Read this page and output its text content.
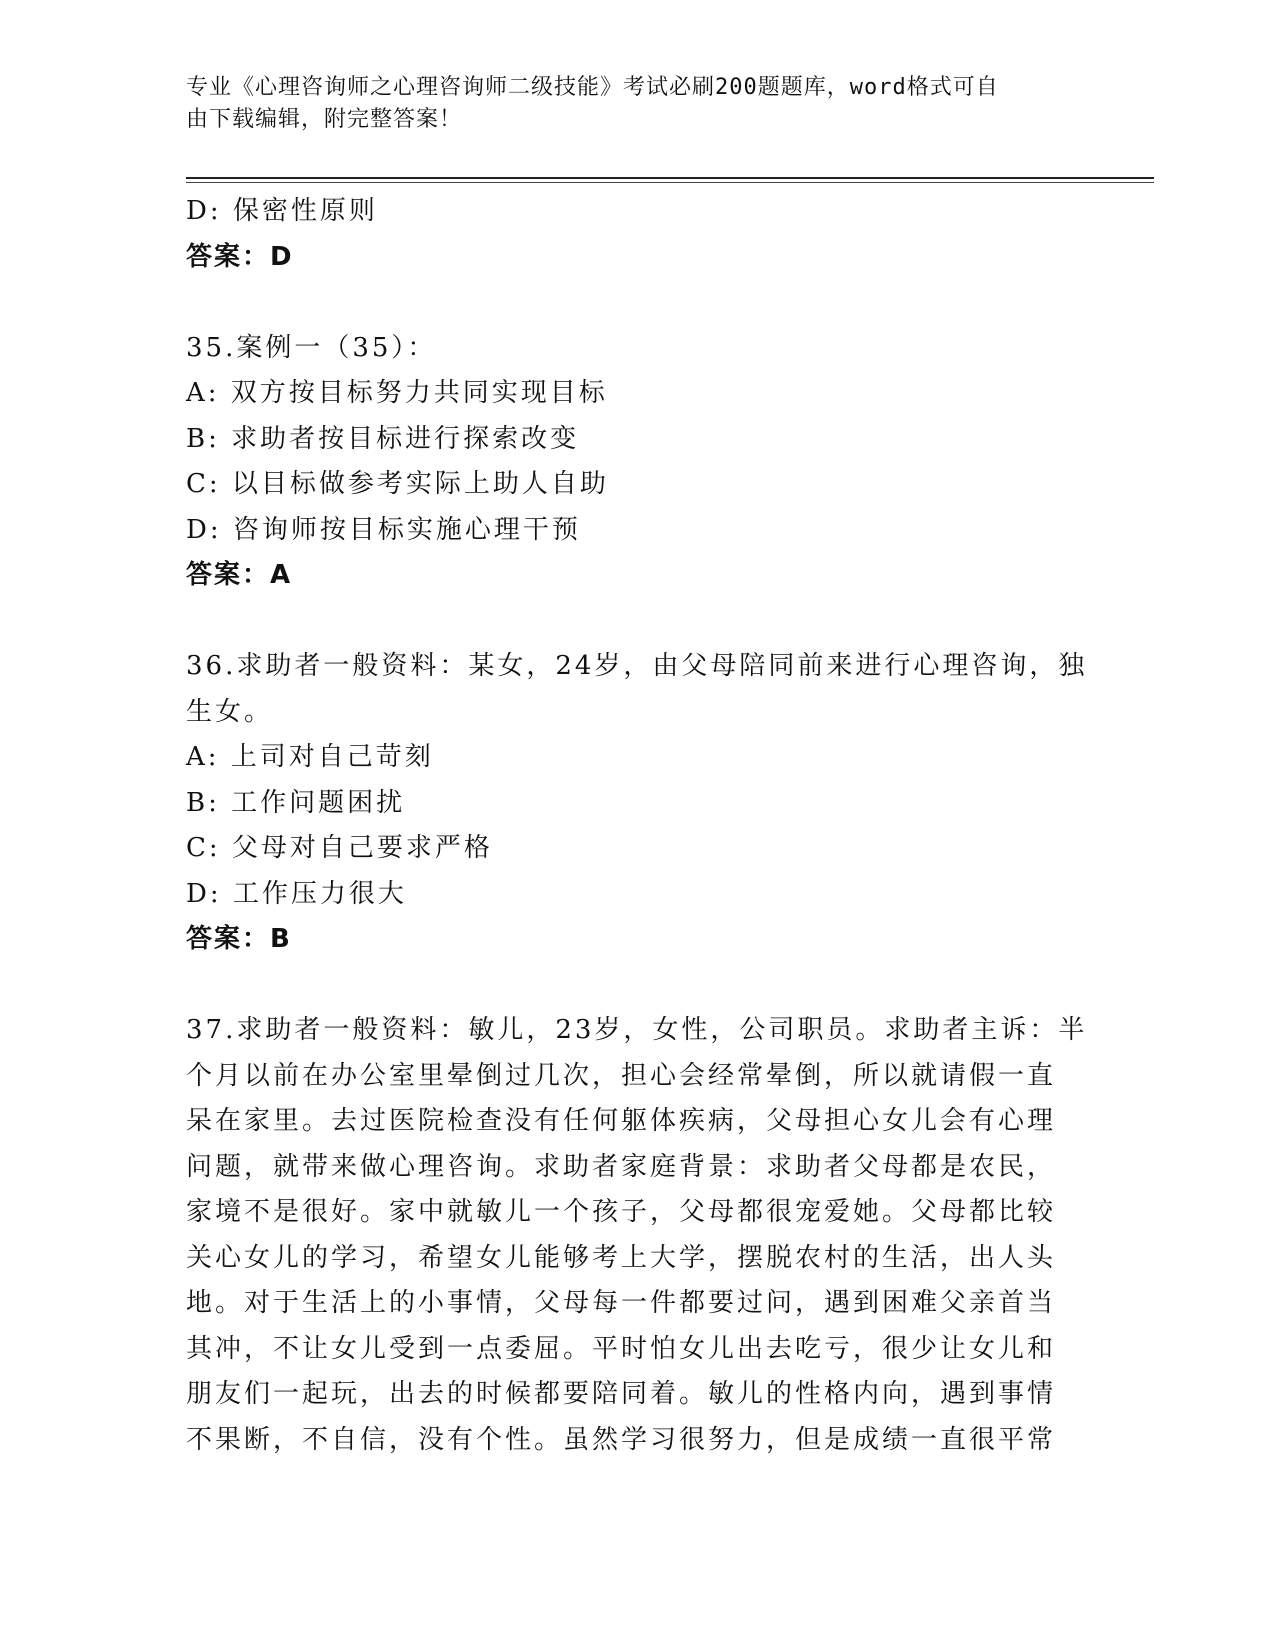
专业《心理咨询师之心理咨询师二级技能》考试必刷200题题库，word格式可自
由下载编辑，附完整答案！
D: 保密性原则
答案：D
35.案例一（35）：
A: 双方按目标努力共同实现目标
B: 求助者按目标进行探索改变
C: 以目标做参考实际上助人自助
D: 咨询师按目标实施心理干预
答案：A
36.求助者一般资料：某女，24岁，由父母陪同前来进行心理咨询，独
生女。
A: 上司对自己苛刻
B: 工作问题困扰
C: 父母对自己要求严格
D: 工作压力很大
答案：B
37.求助者一般资料：敏儿，23岁，女性，公司职员。求助者主诉：半
个月以前在办公室里晕倒过几次，担心会经常晕倒，所以就请假一直
呆在家里。去过医院检查没有任何躯体疾病，父母担心女儿会有心理
问题，就带来做心理咨询。求助者家庭背景：求助者父母都是农民，
家境不是很好。家中就敏儿一个孩子，父母都很宠爱她。父母都比较
关心女儿的学习，希望女儿能够考上大学，摆脱农村的生活，出人头
地。对于生活上的小事情，父母每一件都要过问，遇到困难父亲首当
其冲，不让女儿受到一点委屈。平时怕女儿出去吃亏，很少让女儿和
朋友们一起玩，出去的时候都要陪同着。敏儿的性格内向，遇到事情
不果断，不自信，没有个性。虽然学习很努力，但是成绩一直很平常
